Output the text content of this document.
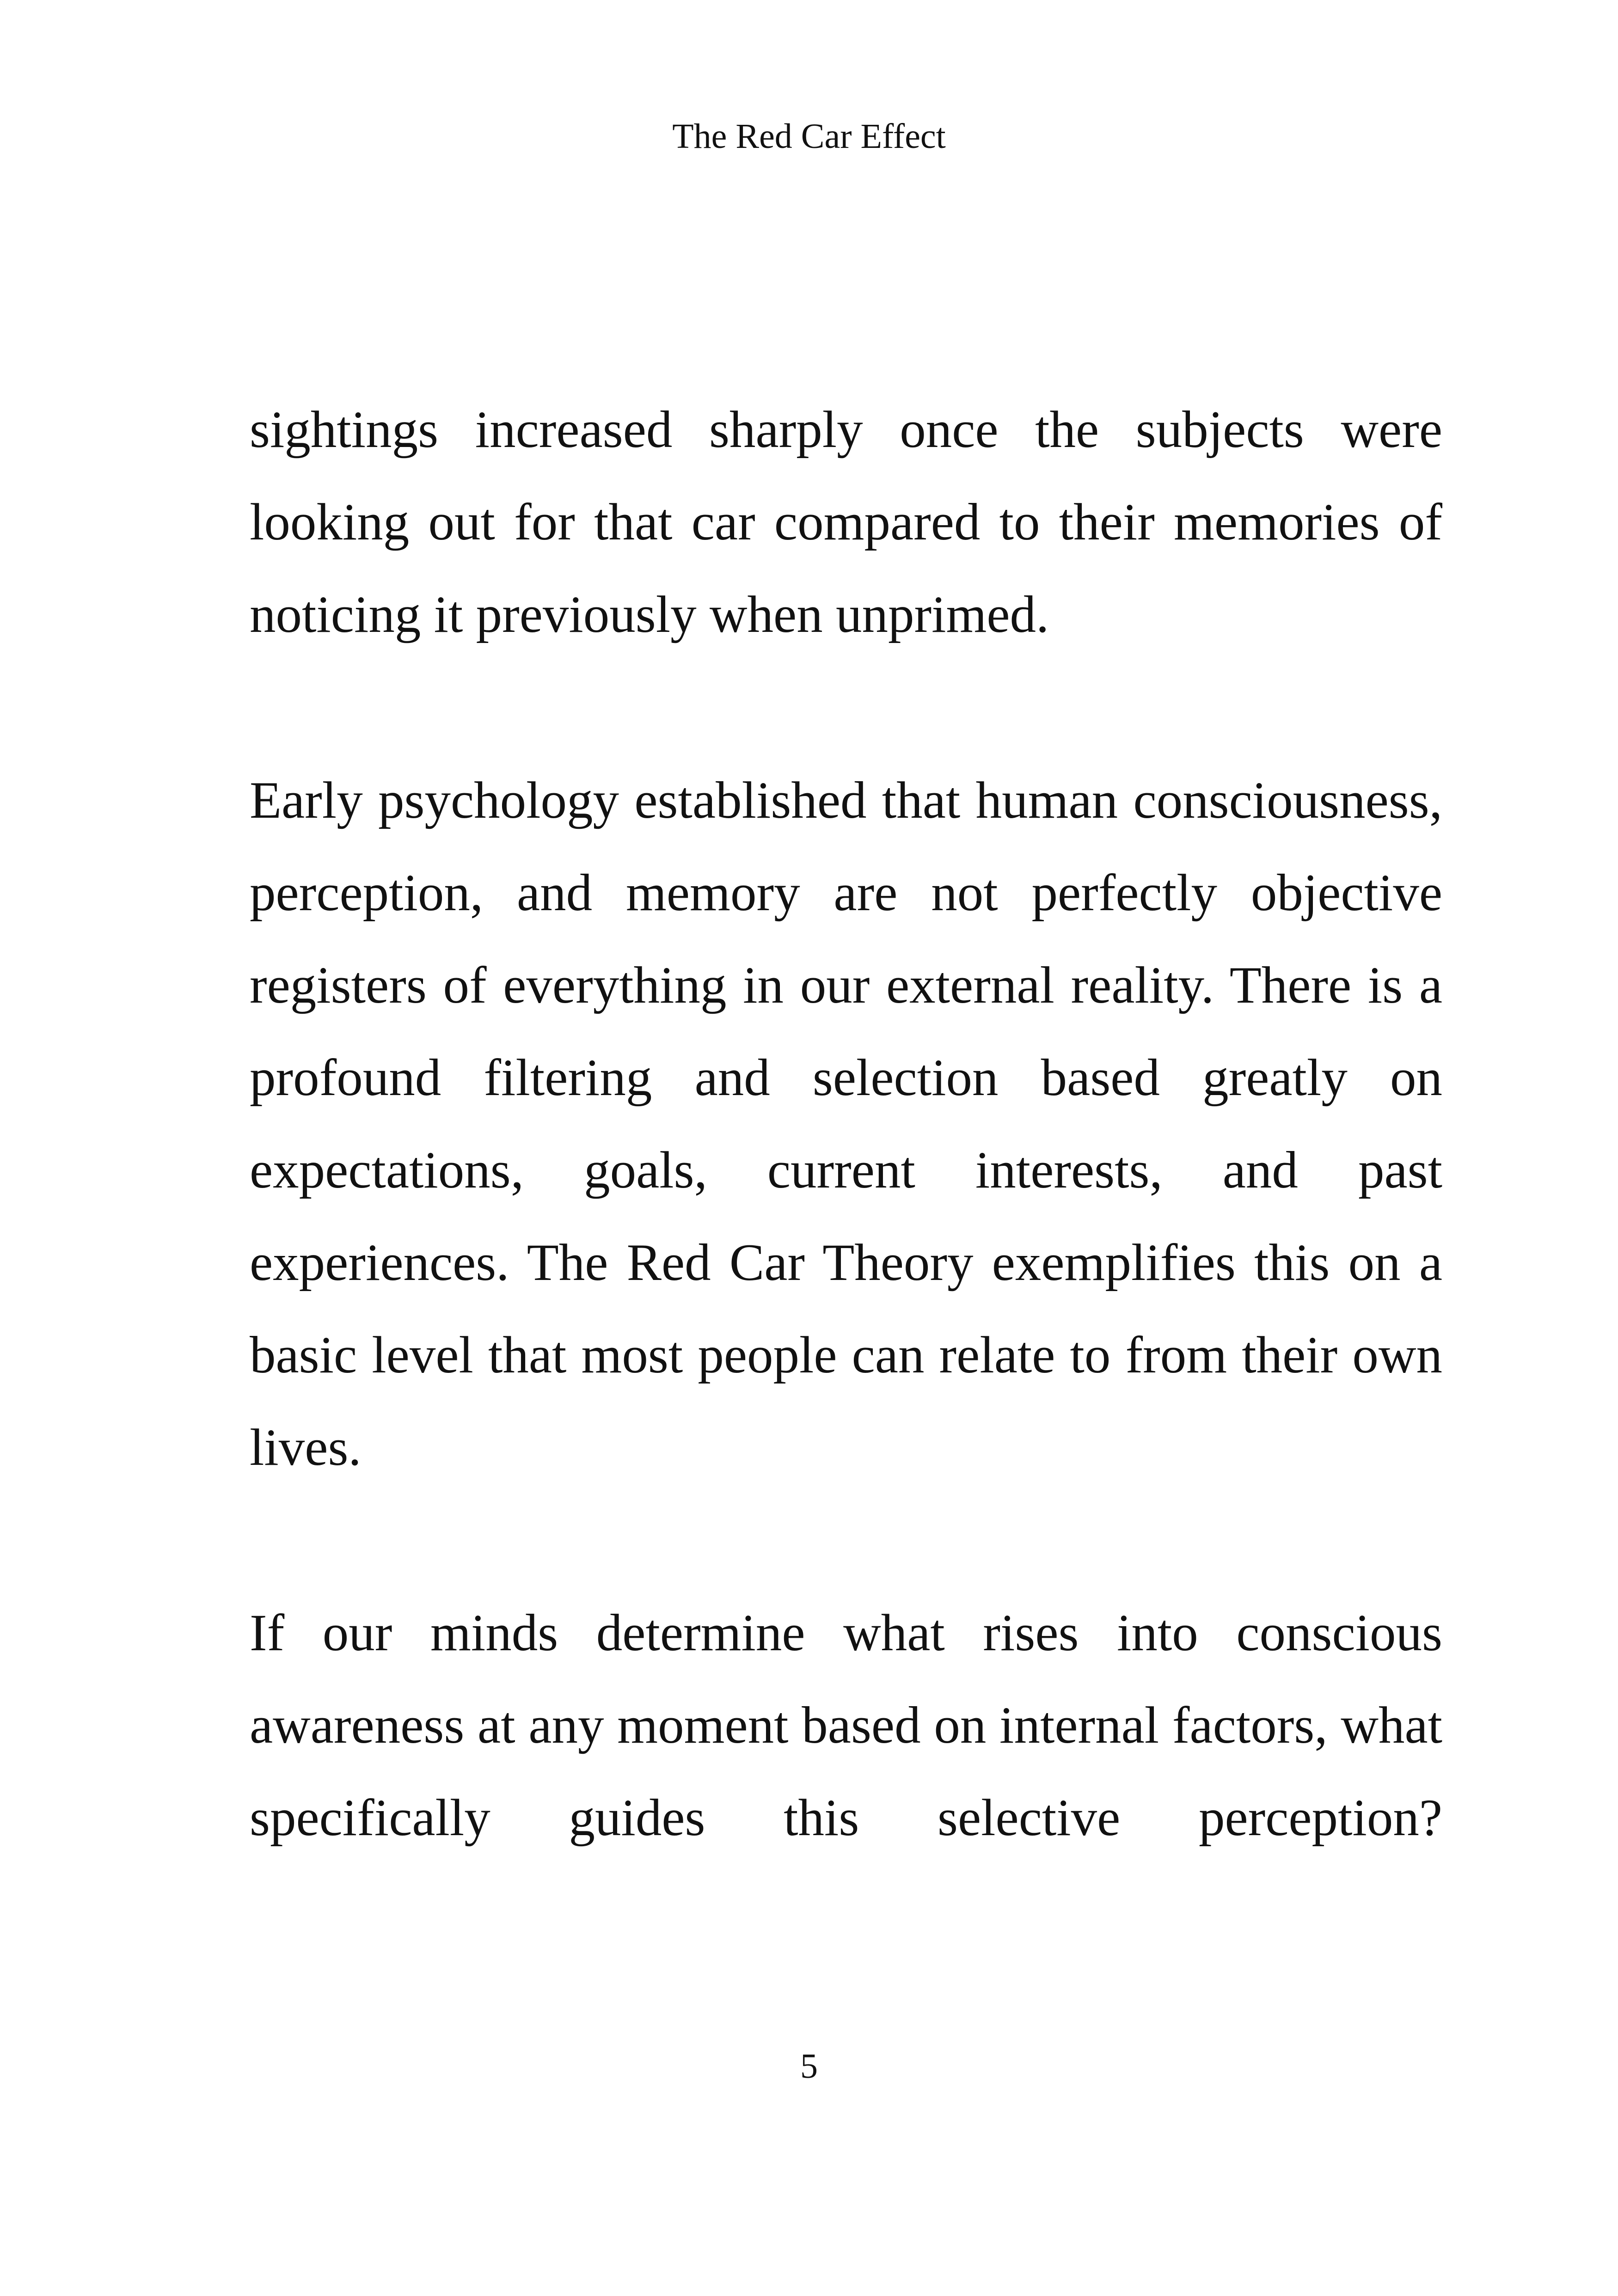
The Red Car Effect

sightings increased sharply once the subjects were looking out for that car compared to their memories of noticing it previously when unprimed.

Early psychology established that human consciousness, perception, and memory are not perfectly objective registers of everything in our external reality. There is a profound filtering and selection based greatly on expectations, goals, current interests, and past experiences. The Red Car Theory exemplifies this on a basic level that most people can relate to from their own lives.

If our minds determine what rises into conscious awareness at any moment based on internal factors, what specifically guides this selective perception?

5
